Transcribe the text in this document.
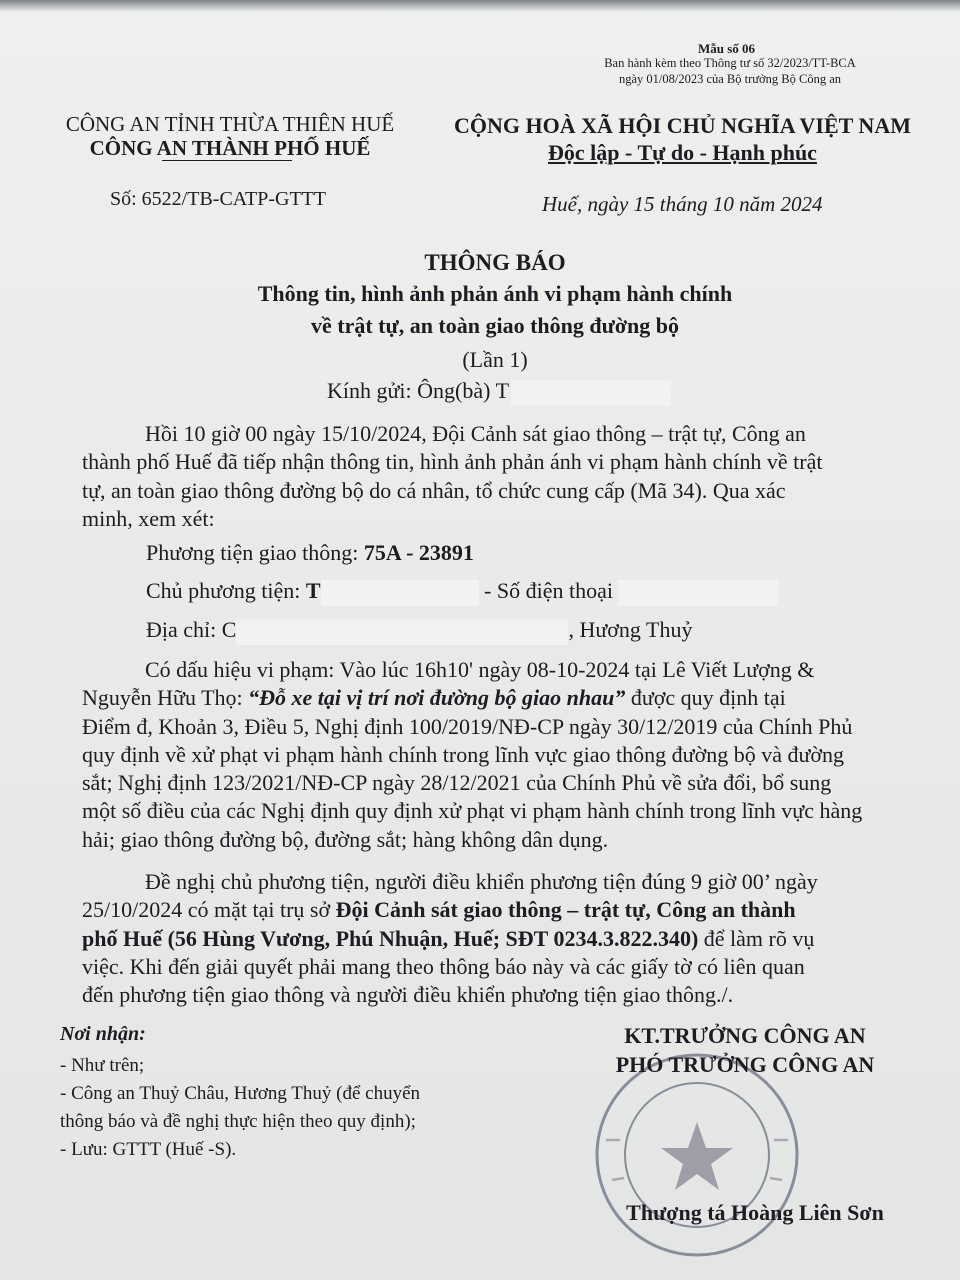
Mẫu số 06
Ban hành kèm theo Thông tư số 32/2023/TT-BCA
ngày 01/08/2023 của Bộ trưởng Bộ Công an
CÔNG AN TỈNH THỪA THIÊN HUẾ
CÔNG AN THÀNH PHỐ HUẾ
Số: 6522/TB-CATP-GTTT
CỘNG HOÀ XÃ HỘI CHỦ NGHĨA VIỆT NAM
Độc lập - Tự do - Hạnh phúc
Huế, ngày 15 tháng 10 năm 2024
THÔNG BÁO
Thông tin, hình ảnh phản ánh vi phạm hành chính
về trật tự, an toàn giao thông đường bộ
(Lần 1)
Kính gửi: Ông(bà) T
Hồi 10 giờ 00 ngày 15/10/2024, Đội Cảnh sát giao thông – trật tự, Công an
thành phố Huế đã tiếp nhận thông tin, hình ảnh phản ánh vi phạm hành chính về trật
tự, an toàn giao thông đường bộ do cá nhân, tổ chức cung cấp (Mã 34). Qua xác
minh, xem xét:
Phương tiện giao thông: 75A - 23891
Chủ phương tiện: T	- Số điện thoại
Địa chỉ: C	, Hương Thuỷ
Có dấu hiệu vi phạm: Vào lúc 16h10' ngày 08-10-2024 tại Lê Viết Lượng &
Nguyễn Hữu Thọ: “Đỗ xe tại vị trí nơi đường bộ giao nhau” được quy định tại
Điểm đ, Khoản 3, Điều 5, Nghị định 100/2019/NĐ-CP ngày 30/12/2019 của Chính Phủ
quy định về xử phạt vi phạm hành chính trong lĩnh vực giao thông đường bộ và đường
sắt; Nghị định 123/2021/NĐ-CP ngày 28/12/2021 của Chính Phủ về sửa đổi, bổ sung
một số điều của các Nghị định quy định xử phạt vi phạm hành chính trong lĩnh vực hàng
hải; giao thông đường bộ, đường sắt; hàng không dân dụng.
Đề nghị chủ phương tiện, người điều khiển phương tiện đúng 9 giờ 00’ ngày
25/10/2024 có mặt tại trụ sở Đội Cảnh sát giao thông – trật tự, Công an thành
phố Huế (56 Hùng Vương, Phú Nhuận, Huế; SĐT 0234.3.822.340) để làm rõ vụ
việc. Khi đến giải quyết phải mang theo thông báo này và các giấy tờ có liên quan
đến phương tiện giao thông và người điều khiển phương tiện giao thông./.
Nơi nhận:
- Như trên;
- Công an Thuỷ Châu, Hương Thuỷ (để chuyển
thông báo và đề nghị thực hiện theo quy định);
- Lưu: GTTT (Huế -S).
KT.TRƯỞNG CÔNG AN
PHÓ TRƯỞNG CÔNG AN
Thượng tá Hoàng Liên Sơn
